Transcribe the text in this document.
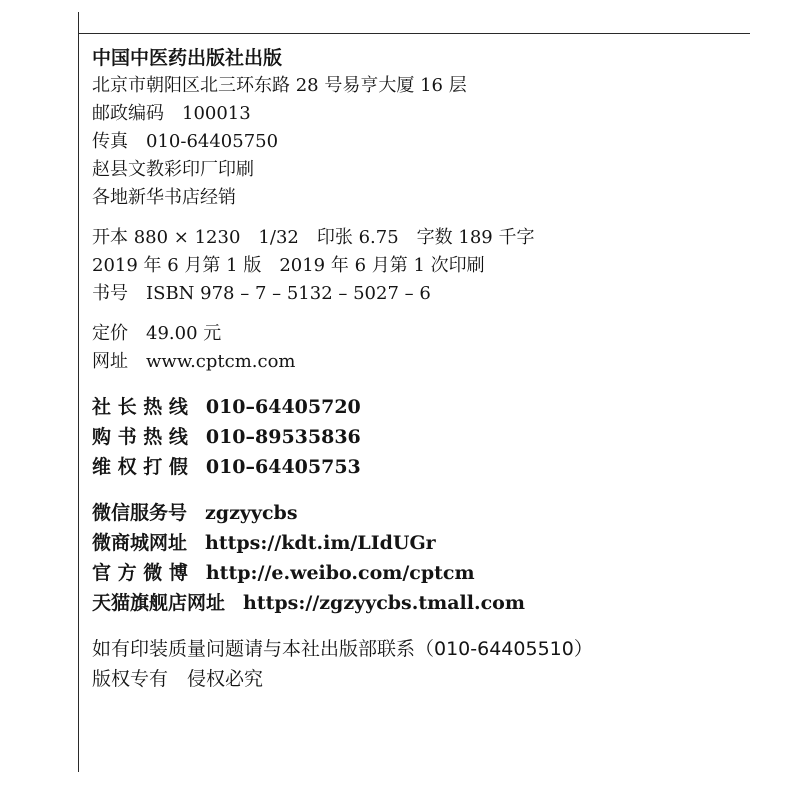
中国中医药出版社出版
北京市朝阳区北三环东路 28 号易亨大厦 16 层
邮政编码 100013
传真 010-64405750
赵县文教彩印厂印刷
各地新华书店经销
开本 880 × 1230 1/32 印张 6.75 字数 189 千字
2019 年 6 月第 1 版 2019 年 6 月第 1 次印刷
书号 ISBN 978 – 7 – 5132 – 5027 – 6
定价 49.00 元
网址 www.cptcm.com
社 长 热 线 010–64405720
购 书 热 线 010–89535836
维 权 打 假 010–64405753
微信服务号 zgzyycbs
微商城网址 https://kdt.im/LIdUGr
官 方 微 博 http://e.weibo.com/cptcm
天猫旗舰店网址 https://zgzyycbs.tmall.com
如有印装质量问题请与本社出版部联系（010-64405510）
版权专有　侵权必究
